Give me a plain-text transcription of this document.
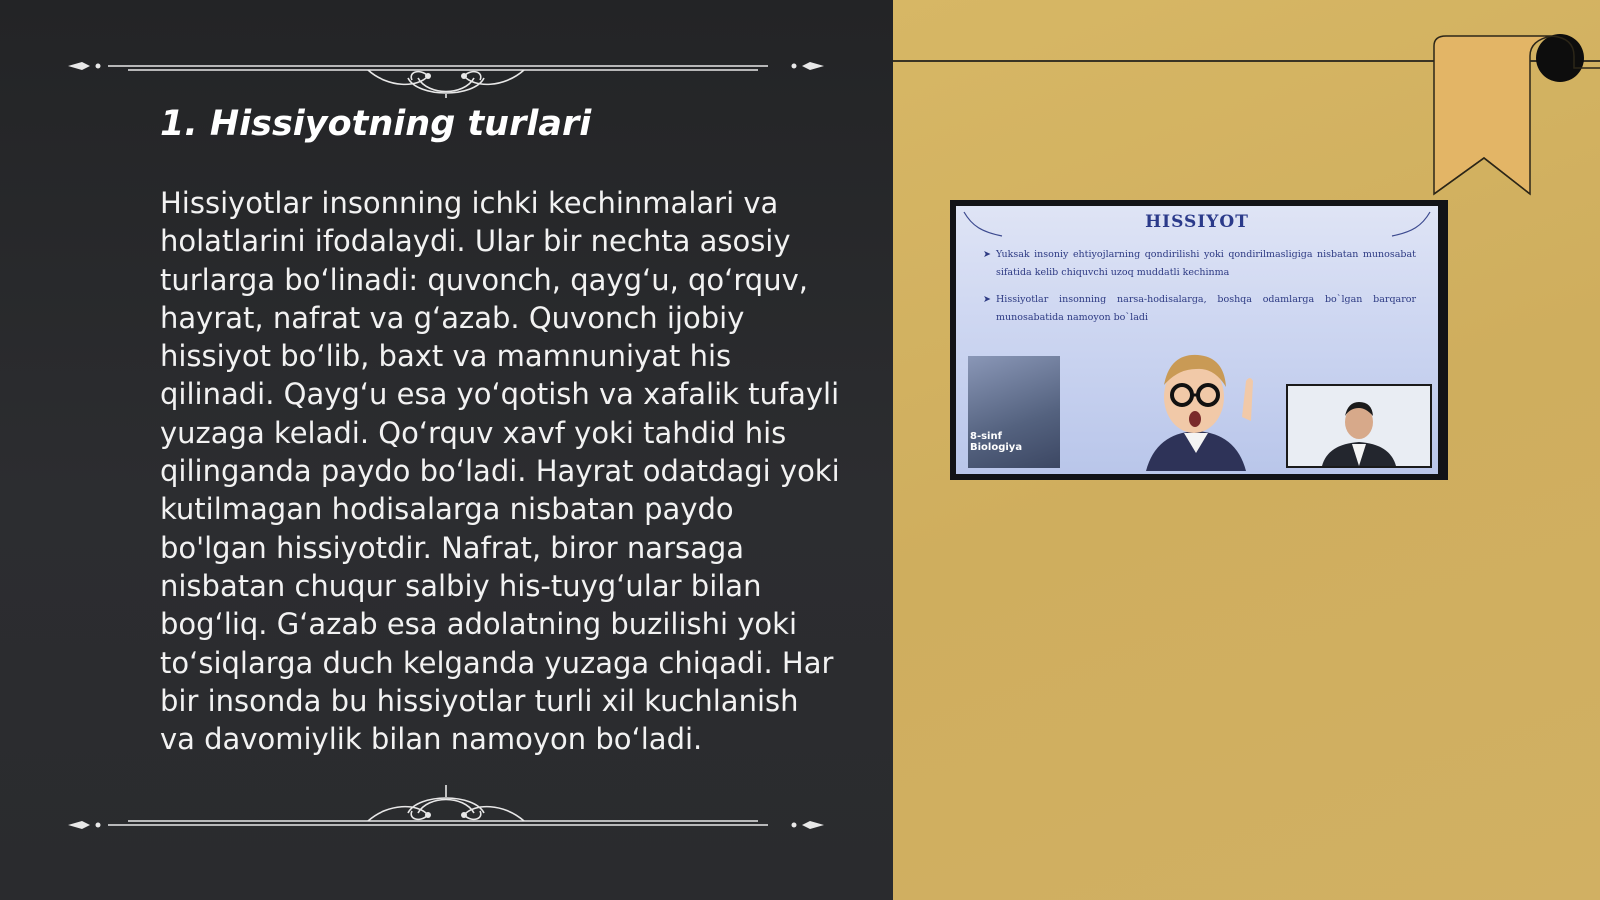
1. Hissiyotning turlari

Hissiyotlar insonning ichki kechinmalari va holatlarini ifodalaydi. Ular bir nechta asosiy turlarga bo‘linadi: quvonch, qayg‘u, qo‘rquv, hayrat, nafrat va g‘azab. Quvonch ijobiy hissiyot bo‘lib, baxt va mamnuniyat his qilinadi. Qayg‘u esa yo‘qotish va xafalik tufayli yuzaga keladi. Qo‘rquv xavf yoki tahdid his qilinganda paydo bo‘ladi. Hayrat odatdagi yoki kutilmagan hodisalarga nisbatan paydo bo'lgan hissiyotdir. Nafrat, biror narsaga nisbatan chuqur salbiy his-tuyg‘ular bilan bog‘liq. G‘azab esa adolatning buzilishi yoki to‘siqlarga duch kelganda yuzaga chiqadi. Har bir insonda bu hissiyotlar turli xil kuchlanish va davomiylik bilan namoyon bo‘ladi.

HISSIYOT
➤ Yuksak insoniy ehtiyojlarning qondirilishi yoki qondirilmasligiga nisbatan munosabat sifatida kelib chiquvchi uzoq muddatli kechinma
➤ Hissiyotlar insonning narsa-hodisalarga, boshqa odamlarga bo`lgan barqaror munosabatida namoyon bo`ladi
8-sinf
Biologiya
